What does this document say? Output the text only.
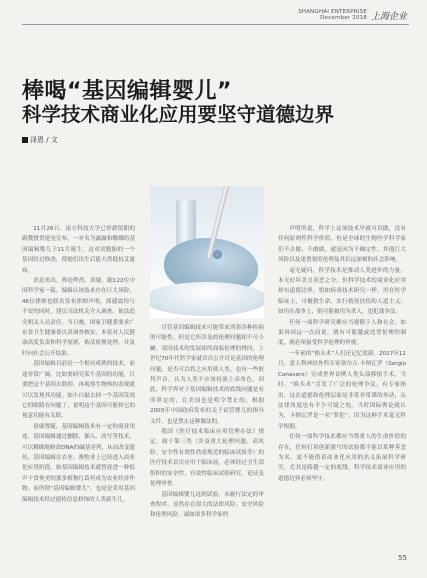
SHANGHAI ENTERPRISE
December 2018 上海企业
棒喝“基因编辑婴儿”
科学技术商业化应用要坚守道德边界
泽恩 / 文

11月26日，南方科技大学已停薪留职的副教授贺建奎宣布，一对名为露露和娜娜的基因编辑婴儿于11月诞生，这对双胞胎的一个基因经过修改，使她们出生后能天然抵抗艾滋病。

消息甫出，舆论哗然，质疑。随122位中国科学家一篇，编辑认该技术存在巨大风险，46位律师也联名发布律师声明，深感震惊与不安的同时，建议司法机关介入调查。依法追究相关人员责任。当日晚，国家卫健委要求广东省卫生健康委认真调查核实，本着对人民健康高度负责和科学原则，依法依规处理，并及时向社会公开结果。

基因编辑目前是一个相对成熟的技术，前途非常广阔。比如要研究某个基因的功能，只要把这个基因去除掉，再观察生物体的表现就可以发现其功能。如小白鼠去掉一个基因发现它的眼睛有问题了，说明这个基因可能和它的视觉功能有关联。

毋庸置疑，基因编辑技术有一定的商业用途。基因编辑通过删除、插入、改写等技术，可以精确地修改DNA的碱基序列，从而改变遗传。基因编辑在农业、畜牧业上已经进入商业化应用阶段。如基因编辑技术就曾促进一种很声干食奥美的那多植物红葛坦成为农业经济作物。而所谓“基因编辑婴儿”，也是是采用基因编辑技术经过遗传信息修饰的人类新生儿。

尽管基因编辑技术可能带来消弭各种疾病的可能性，但是它所涉及的伦理问题却不可小觑。基因技术的发展始终面临伦理的拷问，上世纪70年代科学家就首次公开讨论基因的伦理问题，是否可以将之应用到人类。也有一些批判声音，认为人类不应该扮演上帝角色。因此，科学界对于基因编辑技术的底线问题是有所界定的，在美国也是明令禁止的。根据2003年中国政府发布的关于试管婴儿的指导文件，也是禁止这种做法的。

我国《医疗技术临床应用管理办法》规定，属于第三类（涉及重大伦理问题、高风险、安全性有效性尚需规范的临床试验等）的医疗技术首次应用于临床前，必须经过卫生部组织的安全性、有效性临床试验研究、论证及伦理审查。

基因编辑婴儿这则试验，未履行法定的审查程序，显然存在很大的法律风险、安全风险和伦理风险。诚如诸多科学家的

声明所说，科学上这项技术早就可以做，没有任何原则性科学价值，但是全球的生物医学科学家们不去做、不敢做，就是因为不确定性、其他巨大风险以及更重要的伦理及其长远深刻的社会影响。

毫无疑问，科学技术是推动人类进步的力量。本无好坏美丑善恶之分。但科学技术的商业化应用却有道德边界。恰如病毒技术研究一样，用在医学临床上，可极救生命，实行救死扶伤的人道主义；如用在战争上，则可能被用为杀人，违犯战争法。

任何一项科学研究都应当遵循于人和社会，如果再因远一点而说，就有可能越或违背伦理的制度，就必须接受科学伦理的审视。

一年前的“换头术”人们还记忆犹新。2017年11月，意大利神经外科专家塞尔吉·卡纳瓦罗（Sergio Canavero）宣成世界首例人类头部移植手术，当时，“换头术”引发了广泛的伦理争议。有专家指出，这在道德和伦理层面是非常非常谬的举动，从法律角度也有不少可疑之处。当时国际舆论就认为，卡纳瓦罗是一名“罪犯”，因为这种手术毫无科学根据。

任何一项科学技术都应当尊重人的生命价值的存在，任何打着创新旗号的试验都不能以某种善念为名，更不能借着商业化应用的名义拓展科学研究，尤其是跨越一定的底线，科学技术商业应用的道德边界必须坚守。

55
